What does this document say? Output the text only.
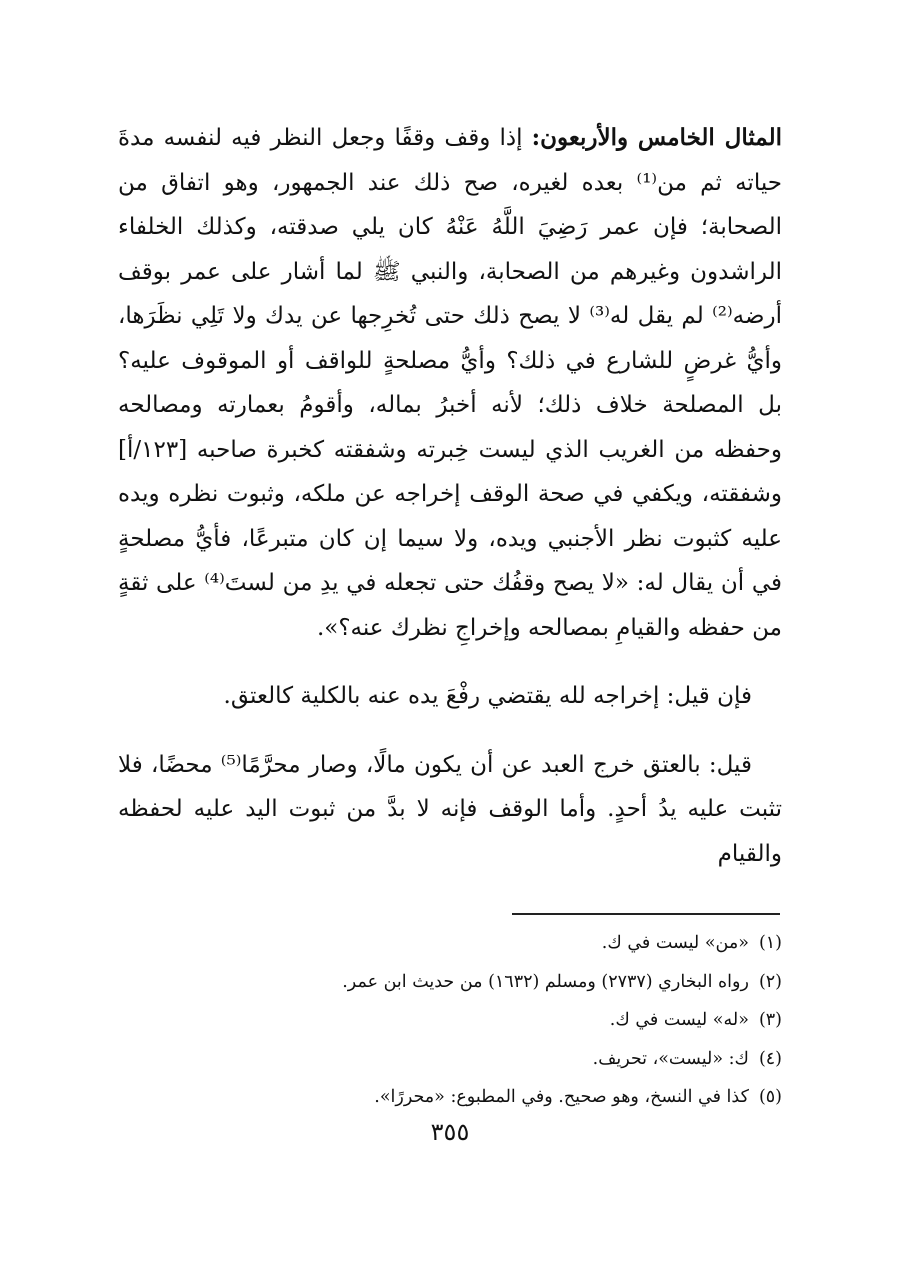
المثال الخامس والأربعون: إذا وقف وقفًا وجعل النظر فيه لنفسه مدةَ حياته ثم من⁽¹⁾ بعده لغيره، صح ذلك عند الجمهور، وهو اتفاق من الصحابة؛ فإن عمر رَضِيَ اللَّهُ عَنْهُ كان يلي صدقته، وكذلك الخلفاء الراشدون وغيرهم من الصحابة، والنبي ﷺ لما أشار على عمر بوقف أرضه⁽²⁾ لم يقل له⁽³⁾ لا يصح ذلك حتى تُخرِجها عن يدك ولا تَلِي نظَرَها، وأيُّ غرضٍ للشارع في ذلك؟ وأيُّ مصلحةٍ للواقف أو الموقوف عليه؟ بل المصلحة خلاف ذلك؛ لأنه أخبرُ بماله، وأقومُ بعمارته ومصالحه وحفظه من الغريب الذي ليست خِبرته وشفقته كخبرة صاحبه [١٢٣/أ] وشفقته، ويكفي في صحة الوقف إخراجه عن ملكه، وثبوت نظره ويده عليه كثبوت نظر الأجنبي ويده، ولا سيما إن كان متبرعًا، فأيُّ مصلحةٍ في أن يقال له: «لا يصح وقفُك حتى تجعله في يدِ من لستَ⁽⁴⁾ على ثقةٍ من حفظه والقيامِ بمصالحه وإخراجِ نظرك عنه؟».

فإن قيل: إخراجه لله يقتضي رفْعَ يده عنه بالكلية كالعتق.

قيل: بالعتق خرج العبد عن أن يكون مالًا، وصار محرَّمًا⁽⁵⁾ محضًا، فلا تثبت عليه يدُ أحدٍ. وأما الوقف فإنه لا بدَّ من ثبوت اليد عليه لحفظه والقيام

(١)«من» ليست في ك.
(٢)رواه البخاري (٢٧٣٧) ومسلم (١٦٣٢) من حديث ابن عمر.
(٣)«له» ليست في ك.
(٤)ك: «ليست»، تحريف.
(٥)كذا في النسخ، وهو صحيح. وفي المطبوع: «محررًا».
٣٥٥
